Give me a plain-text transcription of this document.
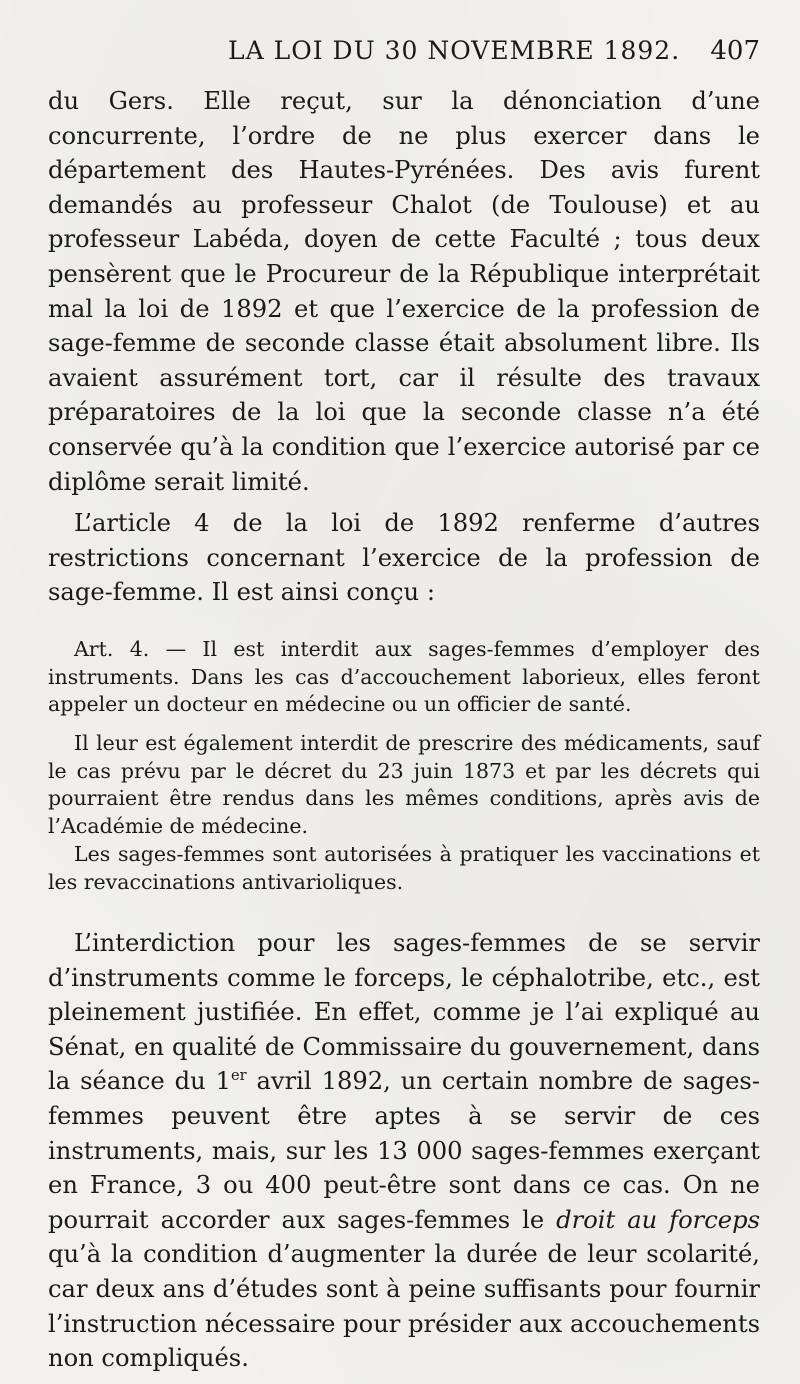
LA LOI DU 30 NOVEMBRE 1892. 407

du Gers. Elle reçut, sur la dénonciation d’une concurrente, l’ordre de ne plus exercer dans le département des Hautes-Pyrénées. Des avis furent demandés au professeur Chalot (de Toulouse) et au professeur Labéda, doyen de cette Faculté ; tous deux pensèrent que le Procureur de la République interprétait mal la loi de 1892 et que l’exercice de la profession de sage-femme de seconde classe était absolument libre. Ils avaient assurément tort, car il résulte des travaux préparatoires de la loi que la seconde classe n’a été conservée qu’à la condition que l’exercice autorisé par ce diplôme serait limité.

L’article 4 de la loi de 1892 renferme d’autres restrictions concernant l’exercice de la profession de sage-femme. Il est ainsi conçu :

Art. 4. — Il est interdit aux sages-femmes d’employer des instruments. Dans les cas d’accouchement laborieux, elles feront appeler un docteur en médecine ou un officier de santé.

Il leur est également interdit de prescrire des médicaments, sauf le cas prévu par le décret du 23 juin 1873 et par les décrets qui pourraient être rendus dans les mêmes conditions, après avis de l’Académie de médecine.

Les sages-femmes sont autorisées à pratiquer les vaccinations et les revaccinations antivarioliques.

L’interdiction pour les sages-femmes de se servir d’instruments comme le forceps, le céphalotribe, etc., est pleinement justifiée. En effet, comme je l’ai expliqué au Sénat, en qualité de Commissaire du gouvernement, dans la séance du 1er avril 1892, un certain nombre de sages-femmes peuvent être aptes à se servir de ces instruments, mais, sur les 13 000 sages-femmes exerçant en France, 3 ou 400 peut-être sont dans ce cas. On ne pourrait accorder aux sages-femmes le droit au forceps qu’à la condition d’augmenter la durée de leur scolarité, car deux ans d’études sont à peine suffisants pour fournir l’instruction nécessaire pour présider aux accouchements non compliqués.
